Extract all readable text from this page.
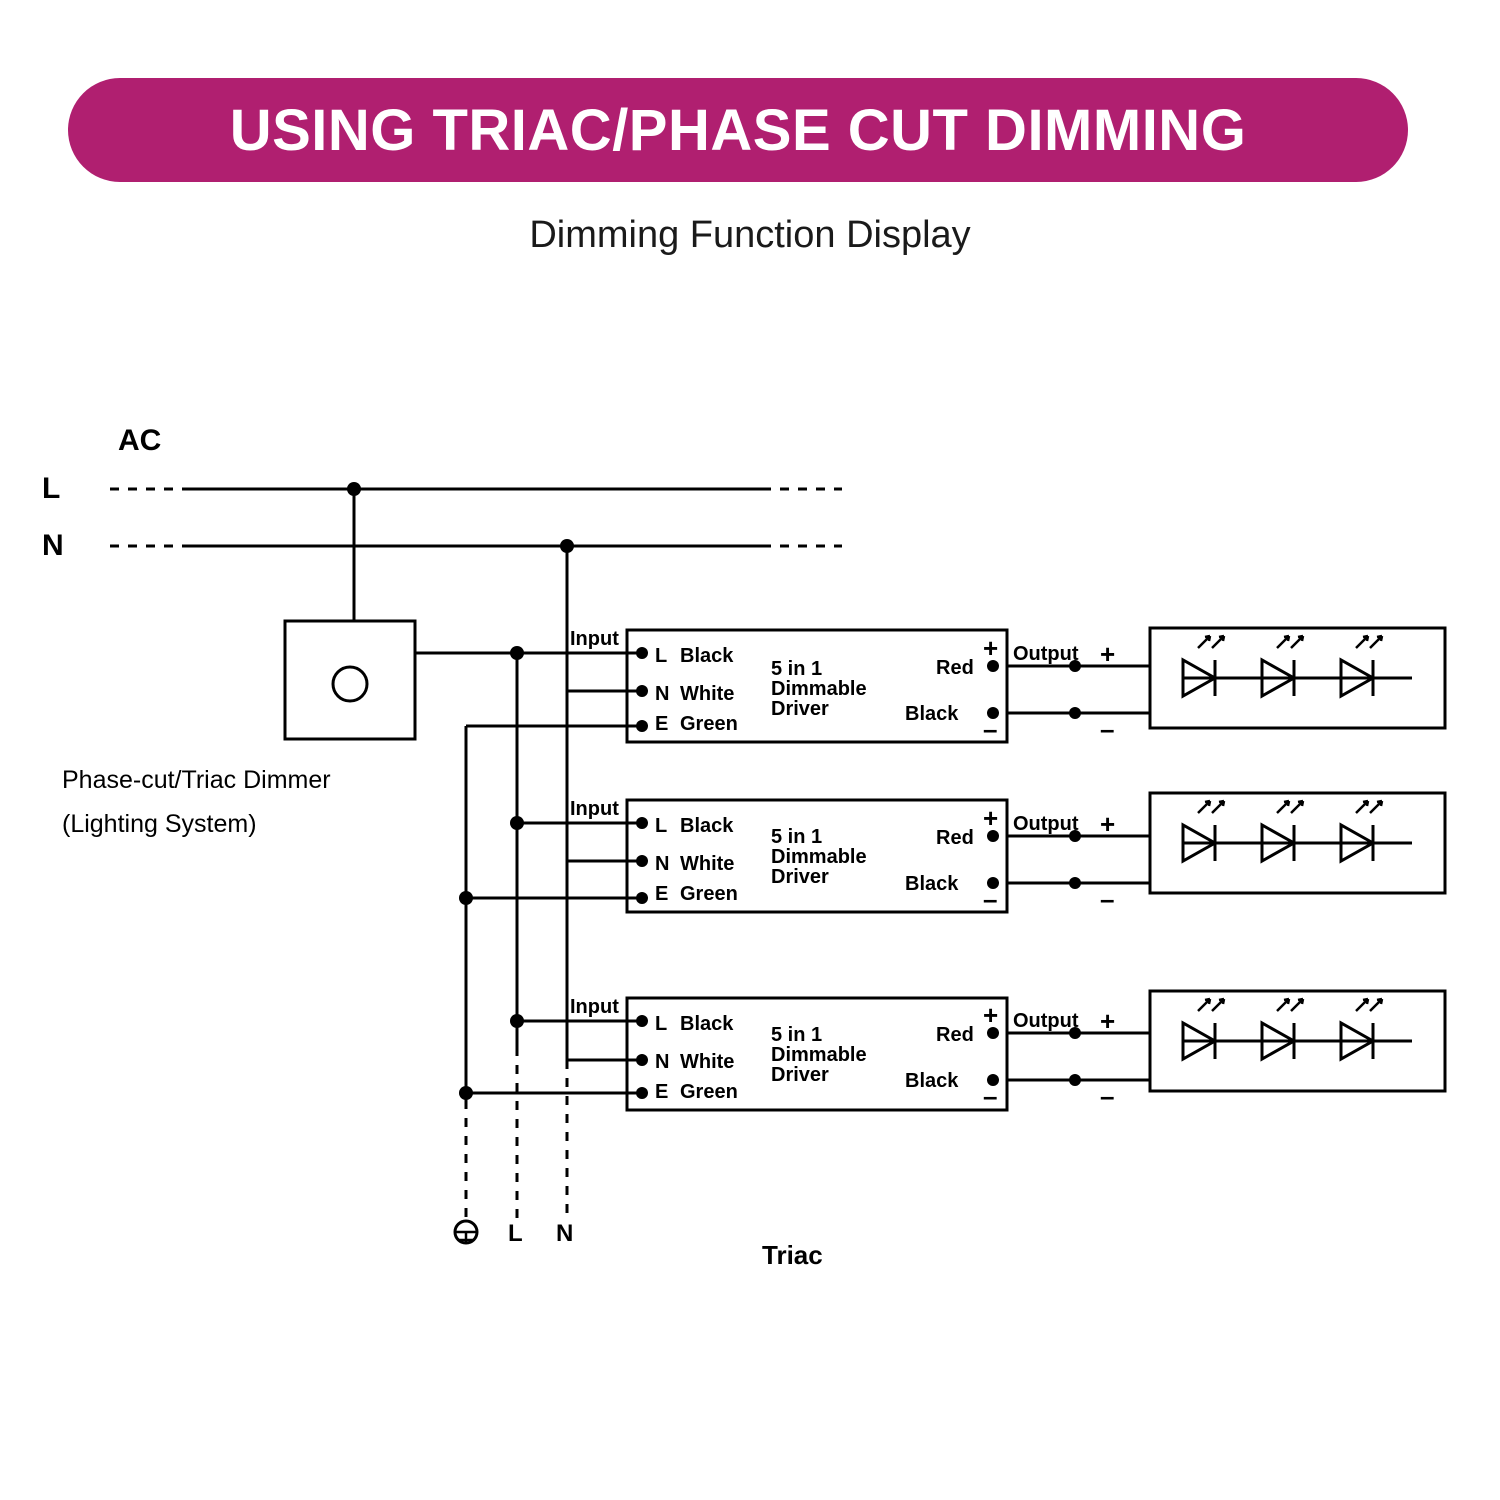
USING TRIAC/PHASE CUT DIMMING
Dimming Function Display
AC
L
N
Phase-cut/Triac Dimmer
(Lighting System)
Input
L Black
N White
E Green
5 in 1
Dimmable
Driver
+
Red
Black –
Output +
–
Input
L Black
N White
E Green
5 in 1
Dimmable
Driver
+
Red
Black –
Output +
–
Input
L Black
N White
E Green
5 in 1
Dimmable
Driver
+
Red
Black –
Output +
–
L N
Triac
